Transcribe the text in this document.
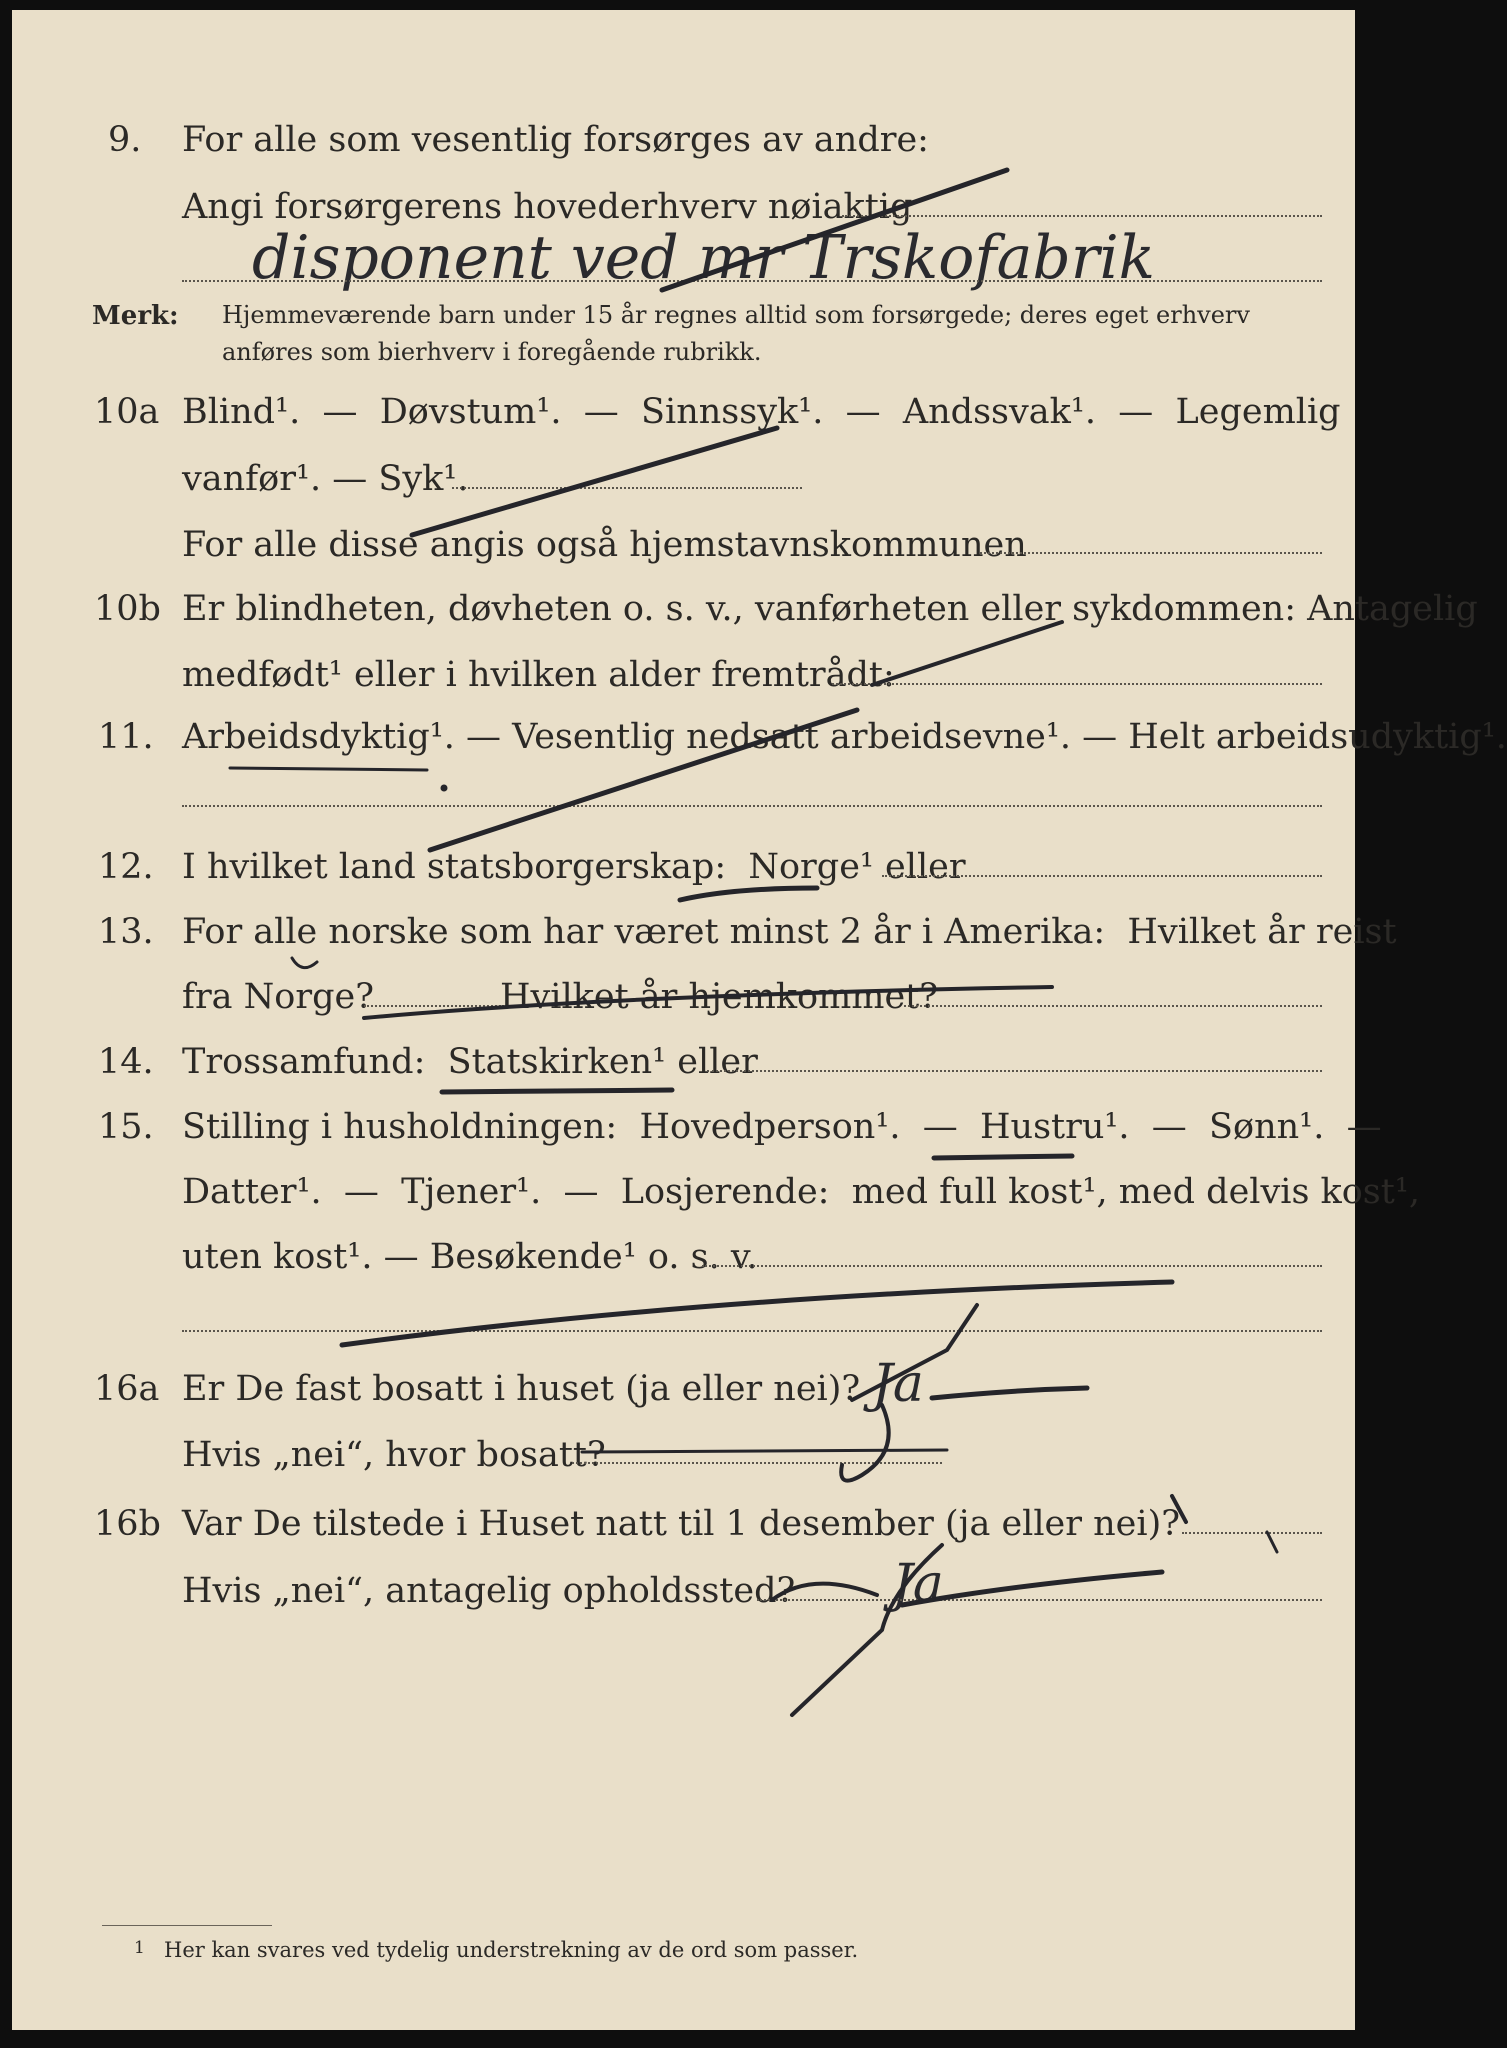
9. For alle som vesentlig forsørges av andre:
Angi forsørgerens hovederhverv nøiaktig
disponent ved mr Trskofabrik
Merk: Hjemmeværende barn under 15 år regnes alltid som forsørgede; deres eget erhverv
anføres som bierhverv i foregående rubrikk.
10a Blind¹.  —  Døvstum¹.  —  Sinnssyk¹.  —  Andssvak¹.  —  Legemlig
vanfør¹. — Syk¹.
For alle disse angis også hjemstavnskommunen
10b Er blindheten, døvheten o. s. v., vanførheten eller sykdommen: Antagelig
medfødt¹ eller i hvilken alder fremtrådt:
11. Arbeidsdyktig¹. — Vesentlig nedsatt arbeidsevne¹. — Helt arbeidsudyktig¹.
12. I hvilket land statsborgerskap:  Norge¹ eller
13. For alle norske som har været minst 2 år i Amerika:  Hvilket år reist
fra Norge?	Hvilket år hjemkommet?
14. Trossamfund:  Statskirken¹ eller
15. Stilling i husholdningen:  Hovedperson¹.  —  Hustru¹.  —  Sønn¹.  —
Datter¹.  —  Tjener¹.  —  Losjerende:  med full kost¹, med delvis kost¹,
uten kost¹. — Besøkende¹ o. s. v.
16a Er De fast bosatt i huset (ja eller nei)? Ja
Hvis „nei“, hvor bosatt?
16b Var De tilstede i Huset natt til 1 desember (ja eller nei)?
Hvis „nei“, antagelig opholdssted? Ja
1 Her kan svares ved tydelig understrekning av de ord som passer.
